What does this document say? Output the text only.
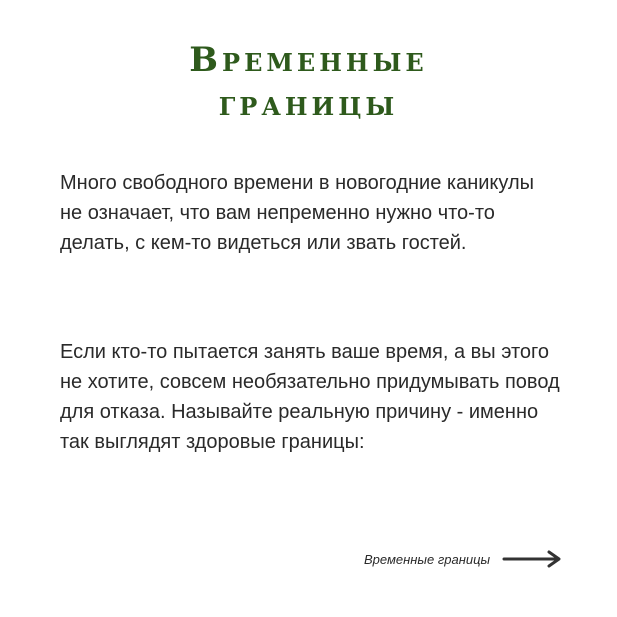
Временные
границы

Много свободного времени в новогодние каникулы не означает, что вам непременно нужно что-то делать, с кем-то видеться или звать гостей.

Если кто-то пытается занять ваше время, а вы этого не хотите, совсем необязательно придумывать повод для отказа. Называйте реальную причину - именно так выглядят здоровые границы:

Временные границы
